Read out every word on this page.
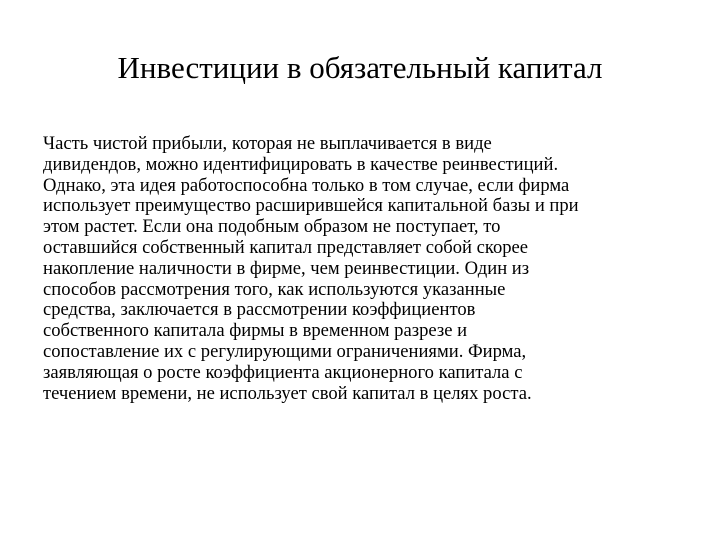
Инвестиции в обязательный капитал
Часть чистой прибыли, которая не выплачивается в виде
дивидендов, можно идентифицировать в качестве реинвестиций.
Однако, эта идея работоспособна только в том случае, если фирма
использует преимущество расширившейся капитальной базы и при
этом растет. Если она подобным образом не поступает, то
оставшийся собственный капитал представляет собой скорее
накопление наличности в фирме, чем реинвестиции. Один из
способов рассмотрения того, как используются указанные
средства, заключается в рассмотрении коэффициентов
собственного капитала фирмы в временном разрезе и
сопоставление их с регулирующими ограничениями. Фирма,
заявляющая о росте коэффициента акционерного капитала с
течением времени, не использует свой капитал в целях роста.
